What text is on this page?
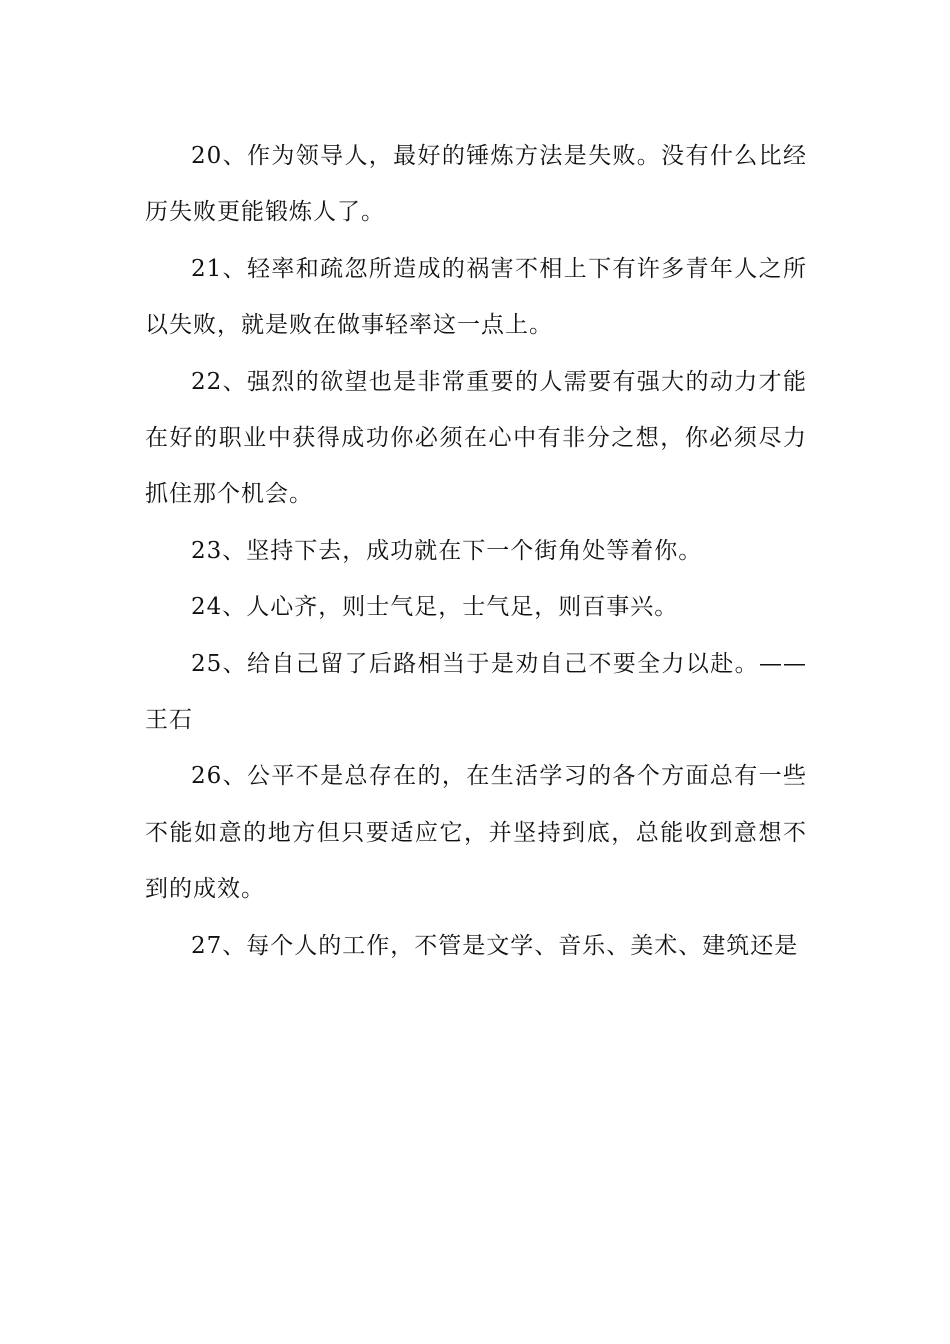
20、作为领导人，最好的锤炼方法是失败。没有什么比经历失败更能锻炼人了。

21、轻率和疏忽所造成的祸害不相上下有许多青年人之所以失败，就是败在做事轻率这一点上。

22、强烈的欲望也是非常重要的人需要有强大的动力才能在好的职业中获得成功你必须在心中有非分之想，你必须尽力抓住那个机会。

23、坚持下去，成功就在下一个街角处等着你。

24、人心齐，则士气足，士气足，则百事兴。

25、给自己留了后路相当于是劝自己不要全力以赴。——王石

26、公平不是总存在的，在生活学习的各个方面总有一些不能如意的地方但只要适应它，并坚持到底，总能收到意想不到的成效。

27、每个人的工作，不管是文学、音乐、美术、建筑还是
